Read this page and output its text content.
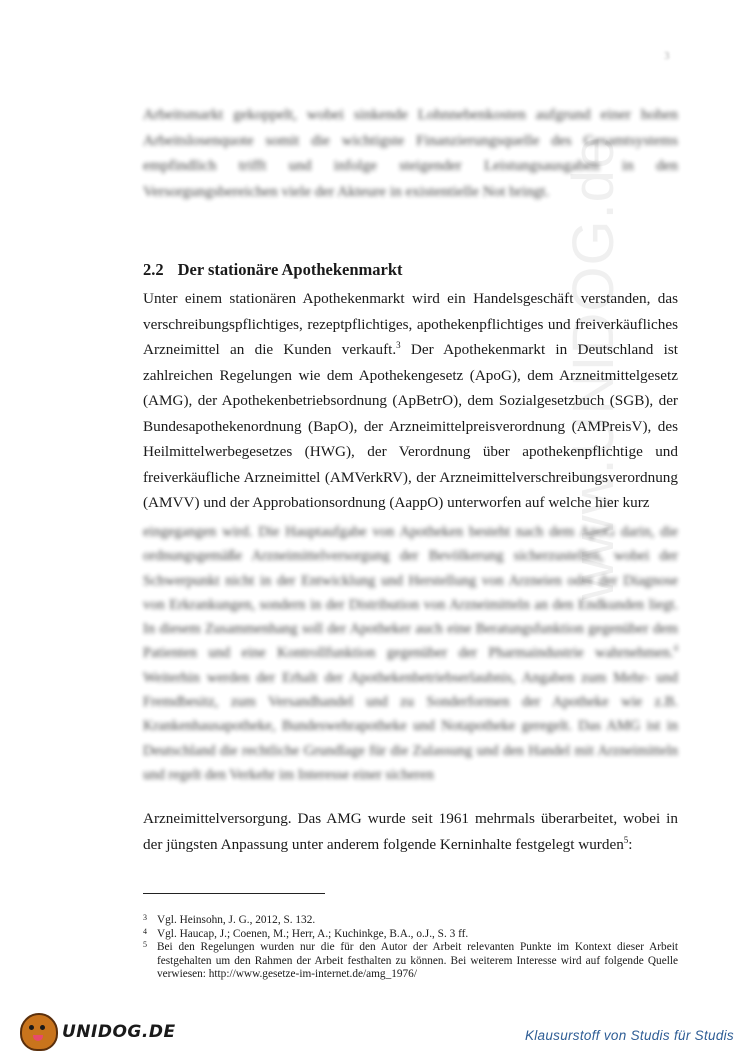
www.UNIDOG.de
3

Arbeitsmarkt gekoppelt, wobei sinkende Lohnnebenkosten aufgrund einer hohen Arbeitslosenquote somit die wichtigste Finanzierungsquelle des Gesamtsystems empfindlich trifft und infolge steigender Leistungsausgaben in den Versorgungsbereichen viele der Akteure in existentielle Not bringt.

2.2 Der stationäre Apothekenmarkt

Unter einem stationären Apothekenmarkt wird ein Handelsgeschäft verstanden, das verschreibungspflichtiges, rezeptpflichtiges, apothekenpflichtiges und freiverkäufliches Arzneimittel an die Kunden verkauft.$^3$ Der Apothekenmarkt in Deutschland ist zahlreichen Regelungen wie dem Apothekengesetz (ApoG), dem Arzneitmittelgesetz (AMG), der Apothekenbetriebsordnung (ApBetrO), dem Sozialgesetzbuch (SGB), der Bundesapothekenordnung (BapO), der Arzneimittelpreisverordnung (AMPreisV), des Heilmittelwerbegesetzes (HWG), der Verordnung über apothekenpflichtige und freiverkäufliche Arzneimittel (AMVerkRV), der Arzneimittelverschreibungsverordnung (AMVV) und der Approbationsordnung (AappO) unterworfen auf welche hier kurz

eingegangen wird. Die Hauptaufgabe von Apotheken besteht nach dem ApoG darin, die ordnungsgemäße Arzneimittelversorgung der Bevölkerung sicherzustellen, wobei der Schwerpunkt nicht in der Entwicklung und Herstellung von Arzneien oder der Diagnose von Erkrankungen, sondern in der Distribution von Arzneimitteln an den Endkunden liegt. In diesem Zusammenhang soll der Apotheker auch eine Beratungsfunktion gegenüber dem Patienten und eine Kontrollfunktion gegenüber der Pharmaindustrie wahrnehmen.$^4$ Weiterhin werden der Erhalt der Apothekenbetriebserlaubnis, Angaben zum Mehr- und Fremdbesitz, zum Versandhandel und zu Sonderformen der Apotheke wie z.B. Krankenhausapotheke, Bundeswehrapotheke und Notapotheke geregelt. Das AMG ist in Deutschland die rechtliche Grundlage für die Zulassung und den Handel mit Arzneimitteln und regelt den Verkehr im Interesse einer sicheren

Arzneimittelversorgung. Das AMG wurde seit 1961 mehrmals überarbeitet, wobei in der jüngsten Anpassung unter anderem folgende Kerninhalte festgelegt wurden$^5$:

3 Vgl. Heinsohn, J. G., 2012, S. 132.
4 Vgl. Haucap, J.; Coenen, M.; Herr, A.; Kuchinkge, B.A., o.J., S. 3 ff.
5 Bei den Regelungen wurden nur die für den Autor der Arbeit relevanten Punkte im Kontext dieser Arbeit festgehalten um den Rahmen der Arbeit festhalten zu können. Bei weiterem Interesse wird auf folgende Quelle verwiesen: http://www.gesetze-im-internet.de/amg_1976/
UNIDOG.DE	Klausurstoff von Studis für Studis
